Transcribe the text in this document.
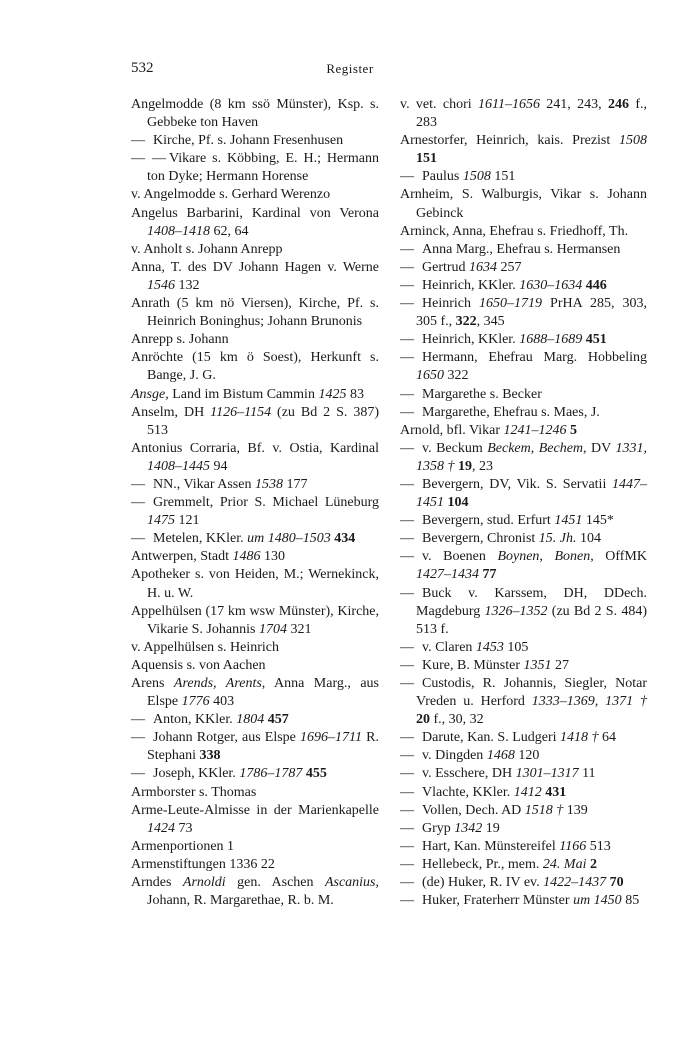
532	Register
Angelmodde (8 km ssö Münster), Ksp. s. Gebbeke ton Haven
— Kirche, Pf. s. Johann Fresenhusen
—  — Vikare s. Köbbing, E. H.; Hermann ton Dyke; Hermann Horense
v. Angelmodde s. Gerhard Werenzo
Angelus Barbarini, Kardinal von Verona 1408–1418 62, 64
v. Anholt s. Johann Anrepp
Anna, T. des DV Johann Hagen v. Werne 1546 132
Anrath (5 km nö Viersen), Kirche, Pf. s. Heinrich Boninghus; Johann Brunonis
Anrepp s. Johann
Anröchte (15 km ö Soest), Herkunft s. Bange, J. G.
Ansge, Land im Bistum Cammin 1425 83
Anselm, DH 1126–1154 (zu Bd 2 S. 387) 513
Antonius Corraria, Bf. v. Ostia, Kardinal 1408–1445 94
— NN., Vikar Assen 1538 177
— Gremmelt, Prior S. Michael Lüneburg 1475 121
— Metelen, KKler. um 1480–1503 434
Antwerpen, Stadt 1486 130
Apotheker s. von Heiden, M.; Wernekinck, H. u. W.
Appelhülsen (17 km wsw Münster), Kirche, Vikarie S. Johannis 1704 321
v. Appelhülsen s. Heinrich
Aquensis s. von Aachen
Arens Arends, Arents, Anna Marg., aus Elspe 1776 403
— Anton, KKler. 1804 457
— Johann Rotger, aus Elspe 1696–1711 R. Stephani 338
— Joseph, KKler. 1786–1787 455
Armborster s. Thomas
Arme-Leute-Almisse in der Marienkapelle 1424 73
Armenportionen 1
Armenstiftungen 1336 22
Arndes Arnoldi gen. Aschen Ascanius, Johann, R. Margarethae, R. b. M.
v. vet. chori 1611–1656 241, 243, 246 f., 283
Arnestorfer, Heinrich, kais. Prezist 1508 151
— Paulus 1508 151
Arnheim, S. Walburgis, Vikar s. Johann Gebinck
Arninck, Anna, Ehefrau s. Friedhoff, Th.
— Anna Marg., Ehefrau s. Hermansen
— Gertrud 1634 257
— Heinrich, KKler. 1630–1634 446
— Heinrich 1650–1719 PrHA 285, 303, 305 f., 322, 345
— Heinrich, KKler. 1688–1689 451
— Hermann, Ehefrau Marg. Hobbeling 1650 322
— Margarethe s. Becker
— Margarethe, Ehefrau s. Maes, J.
Arnold, bfl. Vikar 1241–1246 5
— v. Beckum Beckem, Bechem, DV 1331, 1358 † 19, 23
— Bevergern, DV, Vik. S. Servatii 1447–1451 104
— Bevergern, stud. Erfurt 1451 145*
— Bevergern, Chronist 15. Jh. 104
— v. Boenen Boynen, Bonen, OffMK 1427–1434 77
— Buck v. Karssem, DH, DDech. Magdeburg 1326–1352 (zu Bd 2 S. 484) 513 f.
— v. Claren 1453 105
— Kure, B. Münster 1351 27
— Custodis, R. Johannis, Siegler, Notar Vreden u. Herford 1333–1369, 1371 † 20 f., 30, 32
— Darute, Kan. S. Ludgeri 1418 † 64
— v. Dingden 1468 120
— v. Esschere, DH 1301–1317 11
— Vlachte, KKler. 1412 431
— Vollen, Dech. AD 1518 † 139
— Gryp 1342 19
— Hart, Kan. Münstereifel 1166 513
— Hellebeck, Pr., mem. 24. Mai 2
— (de) Huker, R. IV ev. 1422–1437 70
— Huker, Fraterherr Münster um 1450 85
